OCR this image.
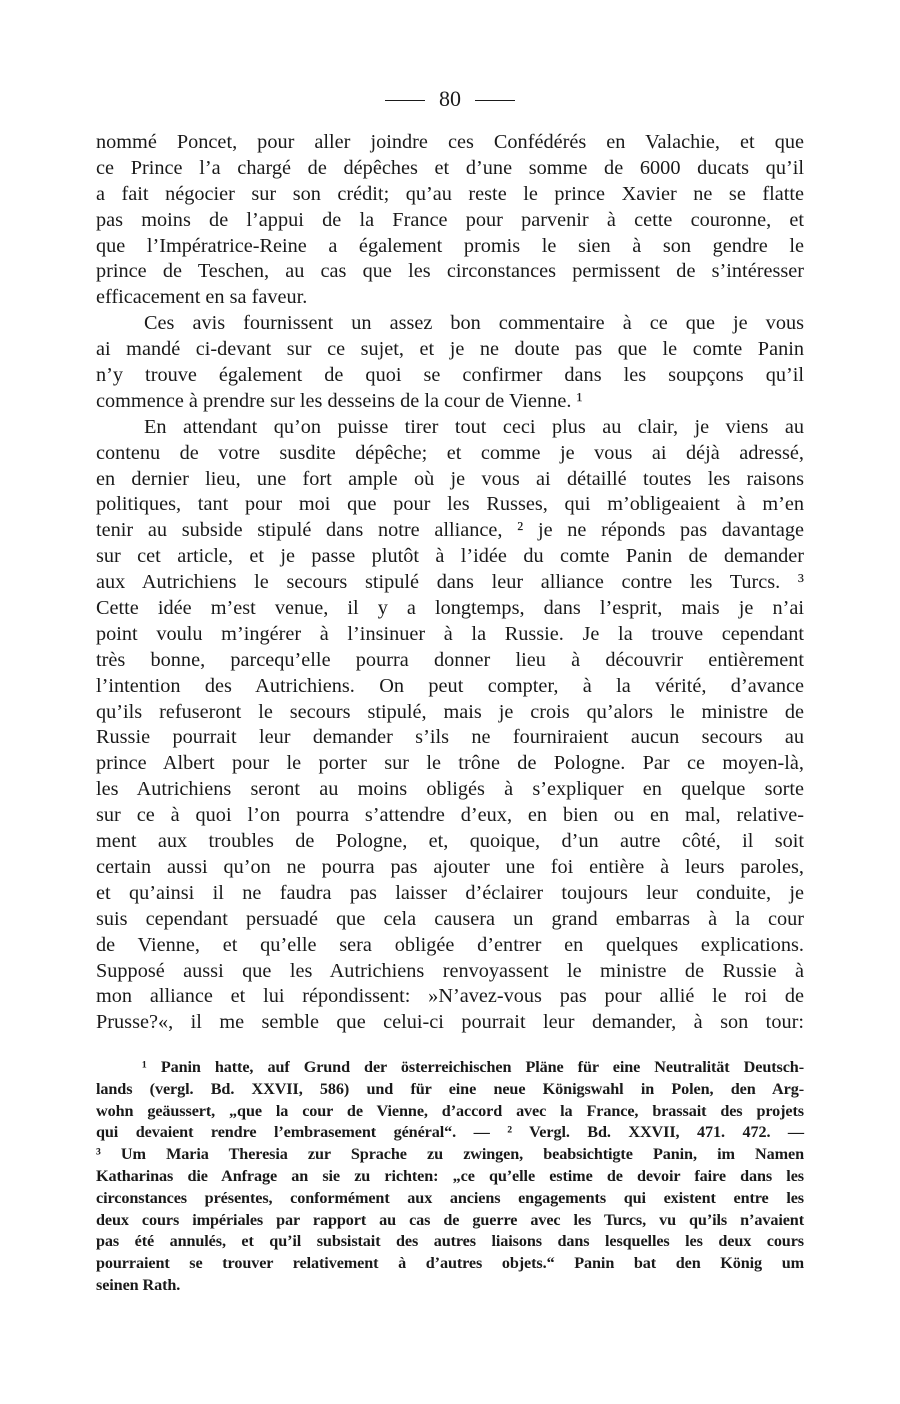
80
nommé Poncet, pour aller joindre ces Confédérés en Valachie, et que
ce Prince l’a chargé de dépêches et d’une somme de 6000 ducats qu’il
a fait négocier sur son crédit; qu’au reste le prince Xavier ne se flatte
pas moins de l’appui de la France pour parvenir à cette couronne, et
que l’Impératrice-Reine a également promis le sien à son gendre le
prince de Teschen, au cas que les circonstances permissent de s’intéresser
efficacement en sa faveur.
Ces avis fournissent un assez bon commentaire à ce que je vous
ai mandé ci-devant sur ce sujet, et je ne doute pas que le comte Panin
n’y trouve également de quoi se confirmer dans les soupçons qu’il
commence à prendre sur les desseins de la cour de Vienne. ¹
En attendant qu’on puisse tirer tout ceci plus au clair, je viens au
contenu de votre susdite dépêche; et comme je vous ai déjà adressé,
en dernier lieu, une fort ample où je vous ai détaillé toutes les raisons
politiques, tant pour moi que pour les Russes, qui m’obligeaient à m’en
tenir au subside stipulé dans notre alliance, ² je ne réponds pas davantage
sur cet article, et je passe plutôt à l’idée du comte Panin de demander
aux Autrichiens le secours stipulé dans leur alliance contre les Turcs. ³
Cette idée m’est venue, il y a longtemps, dans l’esprit, mais je n’ai
point voulu m’ingérer à l’insinuer à la Russie. Je la trouve cependant
très bonne, parcequ’elle pourra donner lieu à découvrir entièrement
l’intention des Autrichiens. On peut compter, à la vérité, d’avance
qu’ils refuseront le secours stipulé, mais je crois qu’alors le ministre de
Russie pourrait leur demander s’ils ne fourniraient aucun secours au
prince Albert pour le porter sur le trône de Pologne. Par ce moyen-là,
les Autrichiens seront au moins obligés à s’expliquer en quelque sorte
sur ce à quoi l’on pourra s’attendre d’eux, en bien ou en mal, relative-
ment aux troubles de Pologne, et, quoique, d’un autre côté, il soit
certain aussi qu’on ne pourra pas ajouter une foi entière à leurs paroles,
et qu’ainsi il ne faudra pas laisser d’éclairer toujours leur conduite, je
suis cependant persuadé que cela causera un grand embarras à la cour
de Vienne, et qu’elle sera obligée d’entrer en quelques explications.
Supposé aussi que les Autrichiens renvoyassent le ministre de Russie à
mon alliance et lui répondissent: »N’avez-vous pas pour allié le roi de
Prusse?«, il me semble que celui-ci pourrait leur demander, à son tour:
¹ Panin hatte, auf Grund der österreichischen Pläne für eine Neutralität Deutsch-
lands (vergl. Bd. XXVII, 586) und für eine neue Königswahl in Polen, den Arg-
wohn geäussert, „que la cour de Vienne, d’accord avec la France, brassait des projets
qui devaient rendre l’embrasement général“. — ² Vergl. Bd. XXVII, 471. 472. —
³ Um Maria Theresia zur Sprache zu zwingen, beabsichtigte Panin, im Namen
Katharinas die Anfrage an sie zu richten: „ce qu’elle estime de devoir faire dans les
circonstances présentes, conformément aux anciens engagements qui existent entre les
deux cours impériales par rapport au cas de guerre avec les Turcs, vu qu’ils n’avaient
pas été annulés, et qu’il subsistait des autres liaisons dans lesquelles les deux cours
pourraient se trouver relativement à d’autres objets.“ Panin bat den König um
seinen Rath.
